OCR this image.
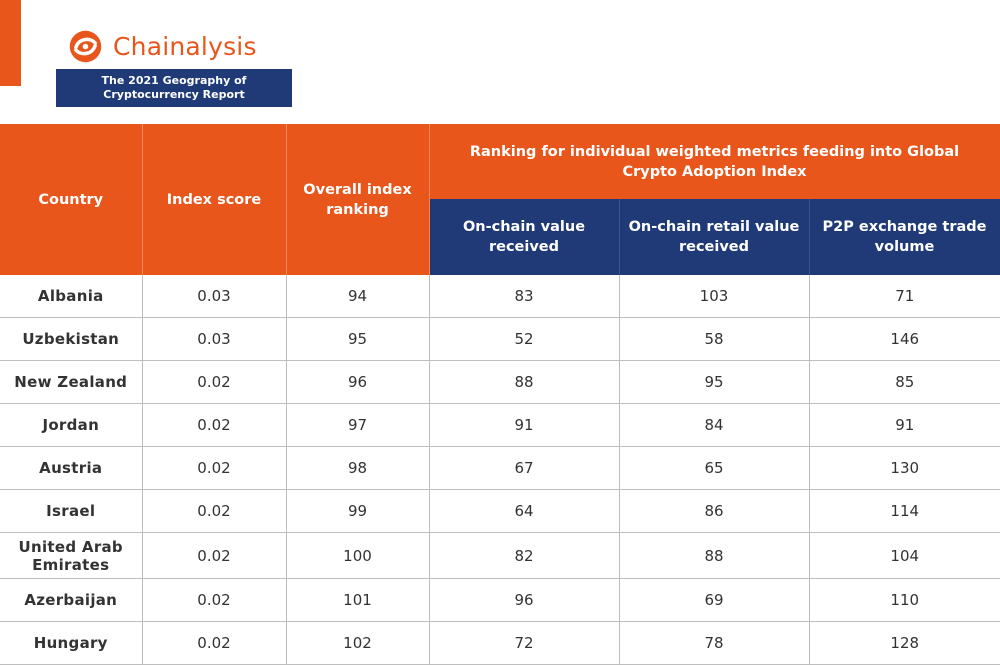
Chainalysis
The 2021 Geography of Cryptocurrency Report
Country	Index score	Overall index ranking	Ranking for individual weighted metrics feeding into Global Crypto Adoption Index		
			On-chain value received	On-chain retail value received	P2P exchange trade volume
Albania	0.03	94	83	103	71
Uzbekistan	0.03	95	52	58	146
New Zealand	0.02	96	88	95	85
Jordan	0.02	97	91	84	91
Austria	0.02	98	67	65	130
Israel	0.02	99	64	86	114
United Arab Emirates	0.02	100	82	88	104
Azerbaijan	0.02	101	96	69	110
Hungary	0.02	102	72	78	128
